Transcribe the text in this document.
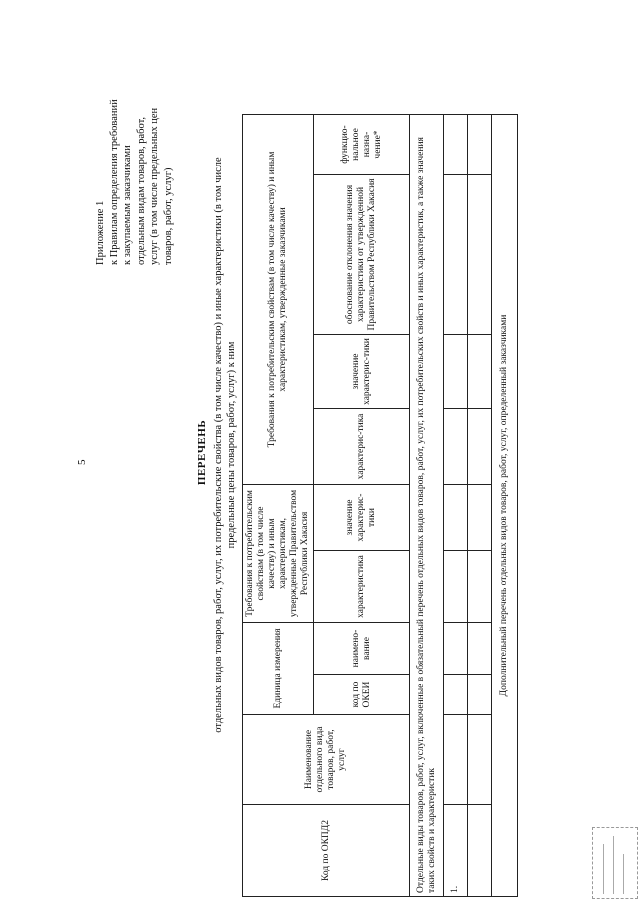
5
Приложение 1 к Правилам определения требований к закупаемым заказчиками отдельным видам товаров, работ, услуг (в том числе предельных цен товаров, работ, услуг)
ПЕРЕЧЕНЬ отдельных видов товаров, работ, услуг, их потребительские свойства (в том числе качество) и иные характеристики (в том числе предельные цены товаров, работ, услуг) к ним
Код по ОКПД2	Наименование отдельного вида товаров, работ, услуг	Единица измерения		Требования к потребительским свойствам (в том числе качеству) и иным характеристикам, утвержденные Правительством Республики Хакасия		Требования к потребительским свойствам (в том числе качеству) и иным характеристикам, утвержденные заказчиками			
		код по ОКЕИ	наимено-вание	характеристика	значение характерис-тики	характерис-тика	значение характерис-тики	обоснование отклонения значения характеристики от утвержденной Правительством Республики Хакасия	функцио-нальное назна-чение*
Отдельные виды товаров, работ, услуг, включенные в обязательный перечень отдельных видов товаров, работ, услуг, их потребительских свойств и иных характеристик, а также значения таких свойств и характеристик									
1.									

Дополнительный перечень отдельных видов товаров, работ, услуг, определенный заказчиками									
